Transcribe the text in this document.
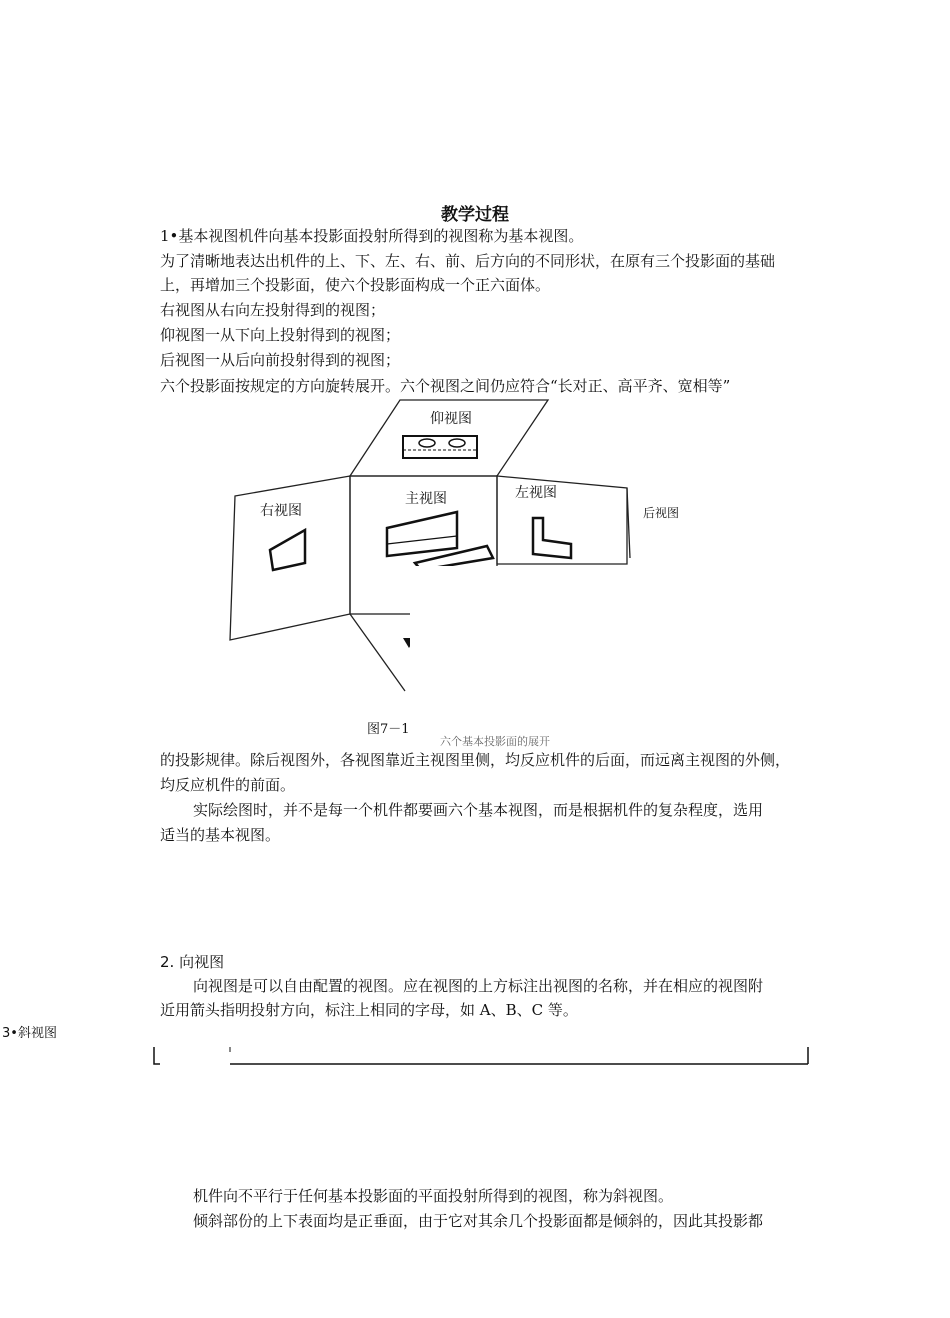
教学过程
1•基本视图机件向基本投影面投射所得到的视图称为基本视图。
为了清晰地表达出机件的上、下、左、右、前、后方向的不同形状，在原有三个投影面的基础
上，再增加三个投影面，使六个投影面构成一个正六面体。
右视图从右向左投射得到的视图；
仰视图一从下向上投射得到的视图；
后视图一从后向前投射得到的视图；
六个投影面按规定的方向旋转展开。六个视图之间仍应符合“长对正、高平齐、宽相等”
仰视图
主视图
右视图
左视图
后视图
图7－1
六个基本投影面的展开
的投影规律。除后视图外，各视图靠近主视图里侧，均反应机件的后面，而远离主视图的外侧，
均反应机件的前面。
实际绘图时，并不是每一个机件都要画六个基本视图，而是根据机件的复杂程度，选用
适当的基本视图。
2. 向视图
向视图是可以自由配置的视图。应在视图的上方标注出视图的名称，并在相应的视图附
近用箭头指明投射方向，标注上相同的字母，如 A、B、C 等。
3•斜视图
机件向不平行于任何基本投影面的平面投射所得到的视图，称为斜视图。
倾斜部份的上下表面均是正垂面，由于它对其余几个投影面都是倾斜的，因此其投影都
